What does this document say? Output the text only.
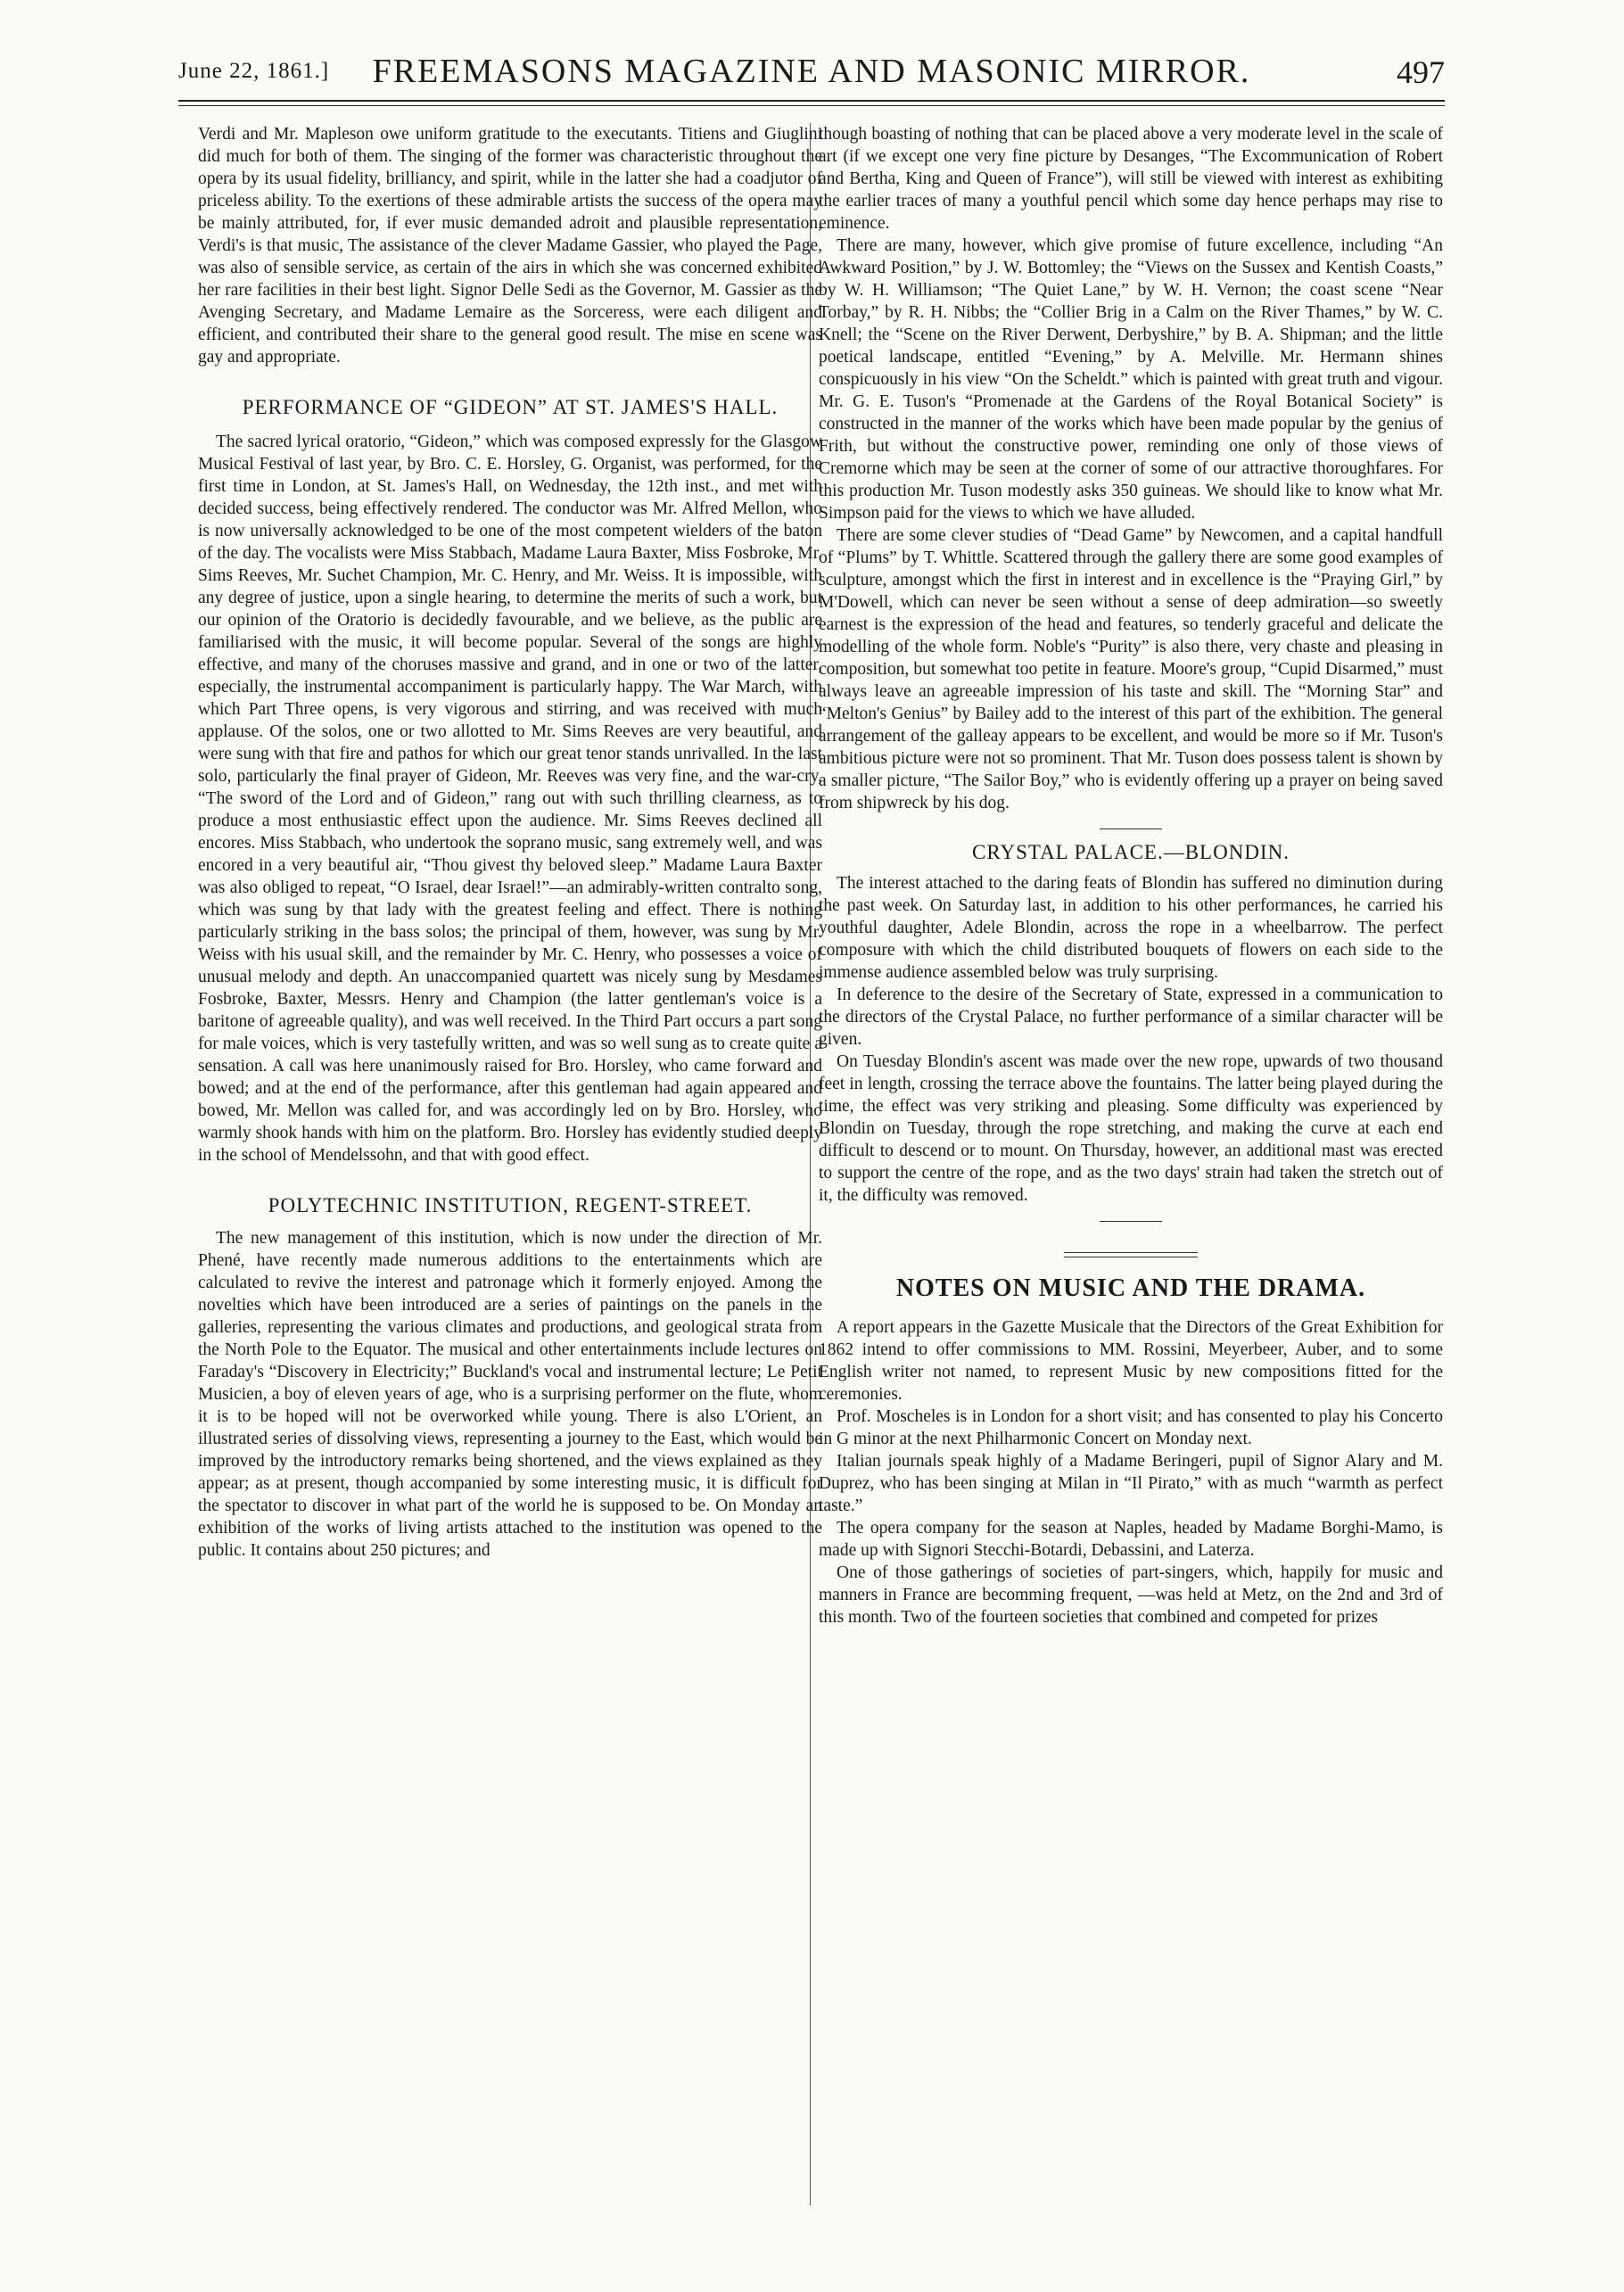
June 22, 1861.]	FREEMASONS MAGAZINE AND MASONIC MIRROR.	497

Verdi and Mr. Mapleson owe uniform gratitude to the executants. Titiens and Giuglini did much for both of them. The singing of the former was characteristic throughout the opera by its usual fidelity, brilliancy, and spirit, while in the latter she had a coadjutor of priceless ability. To the exertions of these admirable artists the success of the opera may be mainly attributed, for, if ever music demanded adroit and plausible representation, Verdi's is that music, The assistance of the clever Madame Gassier, who played the Page, was also of sensible service, as certain of the airs in which she was concerned exhibited her rare facilities in their best light. Signor Delle Sedi as the Governor, M. Gassier as the Avenging Secretary, and Madame Lemaire as the Sorceress, were each diligent and efficient, and contributed their share to the general good result. The mise en scene was gay and appropriate.

PERFORMANCE OF “GIDEON” AT ST. JAMES'S HALL.

The sacred lyrical oratorio, “Gideon,” which was composed expressly for the Glasgow Musical Festival of last year, by Bro. C. E. Horsley, G. Organist, was performed, for the first time in London, at St. James's Hall, on Wednesday, the 12th inst., and met with decided success, being effectively rendered. The conductor was Mr. Alfred Mellon, who is now universally acknowledged to be one of the most competent wielders of the baton of the day. The vocalists were Miss Stabbach, Madame Laura Baxter, Miss Fosbroke, Mr. Sims Reeves, Mr. Suchet Champion, Mr. C. Henry, and Mr. Weiss. It is impossible, with any degree of justice, upon a single hearing, to determine the merits of such a work, but our opinion of the Oratorio is decidedly favourable, and we believe, as the public are familiarised with the music, it will become popular. Several of the songs are highly effective, and many of the choruses massive and grand, and in one or two of the latter, especially, the instrumental accompaniment is particularly happy. The War March, with which Part Three opens, is very vigorous and stirring, and was received with much applause. Of the solos, one or two allotted to Mr. Sims Reeves are very beautiful, and were sung with that fire and pathos for which our great tenor stands unrivalled. In the last solo, particularly the final prayer of Gideon, Mr. Reeves was very fine, and the war-cry, “The sword of the Lord and of Gideon,” rang out with such thrilling clearness, as to produce a most enthusiastic effect upon the audience. Mr. Sims Reeves declined all encores. Miss Stabbach, who undertook the soprano music, sang extremely well, and was encored in a very beautiful air, “Thou givest thy beloved sleep.” Madame Laura Baxter was also obliged to repeat, “O Israel, dear Israel!”—an admirably-written contralto song, which was sung by that lady with the greatest feeling and effect. There is nothing particularly striking in the bass solos; the principal of them, however, was sung by Mr. Weiss with his usual skill, and the remainder by Mr. C. Henry, who possesses a voice of unusual melody and depth. An unaccompanied quartett was nicely sung by Mesdames Fosbroke, Baxter, Messrs. Henry and Champion (the latter gentleman's voice is a baritone of agreeable quality), and was well received. In the Third Part occurs a part song for male voices, which is very tastefully written, and was so well sung as to create quite a sensation. A call was here unanimously raised for Bro. Horsley, who came forward and bowed; and at the end of the performance, after this gentleman had again appeared and bowed, Mr. Mellon was called for, and was accordingly led on by Bro. Horsley, who warmly shook hands with him on the platform. Bro. Horsley has evidently studied deeply in the school of Mendelssohn, and that with good effect.

POLYTECHNIC INSTITUTION, REGENT-STREET.

The new management of this institution, which is now under the direction of Mr. Phené, have recently made numerous additions to the entertainments which are calculated to revive the interest and patronage which it formerly enjoyed. Among the novelties which have been introduced are a series of paintings on the panels in the galleries, representing the various climates and productions, and geological strata from the North Pole to the Equator. The musical and other entertainments include lectures on Faraday's “Discovery in Electricity;” Buckland's vocal and instrumental lecture; Le Petit Musicien, a boy of eleven years of age, who is a surprising performer on the flute, whom it is to be hoped will not be overworked while young. There is also L'Orient, an illustrated series of dissolving views, representing a journey to the East, which would be improved by the introductory remarks being shortened, and the views explained as they appear; as at present, though accompanied by some interesting music, it is difficult for the spectator to discover in what part of the world he is supposed to be. On Monday an exhibition of the works of living artists attached to the institution was opened to the public. It contains about 250 pictures; and

though boasting of nothing that can be placed above a very moderate level in the scale of art (if we except one very fine picture by Desanges, “The Excommunication of Robert and Bertha, King and Queen of France”), will still be viewed with interest as exhibiting the earlier traces of many a youthful pencil which some day hence perhaps may rise to eminence.

There are many, however, which give promise of future excellence, including “An Awkward Position,” by J. W. Bottomley; the “Views on the Sussex and Kentish Coasts,” by W. H. Williamson; “The Quiet Lane,” by W. H. Vernon; the coast scene “Near Torbay,” by R. H. Nibbs; the “Collier Brig in a Calm on the River Thames,” by W. C. Knell; the “Scene on the River Derwent, Derbyshire,” by B. A. Shipman; and the little poetical landscape, entitled “Evening,” by A. Melville. Mr. Hermann shines conspicuously in his view “On the Scheldt.” which is painted with great truth and vigour. Mr. G. E. Tuson's “Promenade at the Gardens of the Royal Botanical Society” is constructed in the manner of the works which have been made popular by the genius of Frith, but without the constructive power, reminding one only of those views of Cremorne which may be seen at the corner of some of our attractive thoroughfares. For this production Mr. Tuson modestly asks 350 guineas. We should like to know what Mr. Simpson paid for the views to which we have alluded.

There are some clever studies of “Dead Game” by Newcomen, and a capital handfull of “Plums” by T. Whittle. Scattered through the gallery there are some good examples of sculpture, amongst which the first in interest and in excellence is the “Praying Girl,” by M'Dowell, which can never be seen without a sense of deep admiration—so sweetly earnest is the expression of the head and features, so tenderly graceful and delicate the modelling of the whole form. Noble's “Purity” is also there, very chaste and pleasing in composition, but somewhat too petite in feature. Moore's group, “Cupid Disarmed,” must always leave an agreeable impression of his taste and skill. The “Morning Star” and “Melton's Genius” by Bailey add to the interest of this part of the exhibition. The general arrangement of the galleay appears to be excellent, and would be more so if Mr. Tuson's ambitious picture were not so prominent. That Mr. Tuson does possess talent is shown by a smaller picture, “The Sailor Boy,” who is evidently offering up a prayer on being saved from shipwreck by his dog.

CRYSTAL PALACE.—BLONDIN.

The interest attached to the daring feats of Blondin has suffered no diminution during the past week. On Saturday last, in addition to his other performances, he carried his youthful daughter, Adele Blondin, across the rope in a wheelbarrow. The perfect composure with which the child distributed bouquets of flowers on each side to the immense audience assembled below was truly surprising.

In deference to the desire of the Secretary of State, expressed in a communication to the directors of the Crystal Palace, no further performance of a similar character will be given.

On Tuesday Blondin's ascent was made over the new rope, upwards of two thousand feet in length, crossing the terrace above the fountains. The latter being played during the time, the effect was very striking and pleasing. Some difficulty was experienced by Blondin on Tuesday, through the rope stretching, and making the curve at each end difficult to descend or to mount. On Thursday, however, an additional mast was erected to support the centre of the rope, and as the two days' strain had taken the stretch out of it, the difficulty was removed.

NOTES ON MUSIC AND THE DRAMA.

A report appears in the Gazette Musicale that the Directors of the Great Exhibition for 1862 intend to offer commissions to MM. Rossini, Meyerbeer, Auber, and to some English writer not named, to represent Music by new compositions fitted for the ceremonies.

Prof. Moscheles is in London for a short visit; and has consented to play his Concerto in G minor at the next Philharmonic Concert on Monday next.

Italian journals speak highly of a Madame Beringeri, pupil of Signor Alary and M. Duprez, who has been singing at Milan in “Il Pirato,” with as much “warmth as perfect taste.”

The opera company for the season at Naples, headed by Madame Borghi-Mamo, is made up with Signori Stecchi-Botardi, Debassini, and Laterza.

One of those gatherings of societies of part-singers, which, happily for music and manners in France are becomming frequent, —was held at Metz, on the 2nd and 3rd of this month. Two of the fourteen societies that combined and competed for prizes
